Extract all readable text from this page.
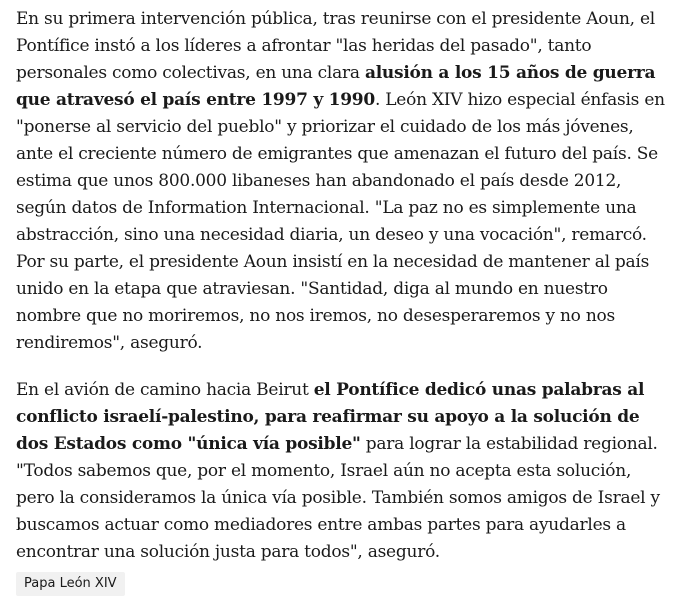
En su primera intervención pública, tras reunirse con el presidente Aoun, el Pontífice instó a los líderes a afrontar "las heridas del pasado", tanto personales como colectivas, en una clara alusión a los 15 años de guerra que atravesó el país entre 1997 y 1990. León XIV hizo especial énfasis en "ponerse al servicio del pueblo" y priorizar el cuidado de los más jóvenes, ante el creciente número de emigrantes que amenazan el futuro del país. Se estima que unos 800.000 libaneses han abandonado el país desde 2012, según datos de Information Internacional. "La paz no es simplemente una abstracción, sino una necesidad diaria, un deseo y una vocación", remarcó. Por su parte, el presidente Aoun insistí en la necesidad de mantener al país unido en la etapa que atraviesan. "Santidad, diga al mundo en nuestro nombre que no moriremos, no nos iremos, no desesperaremos y no nos rendiremos", aseguró.

En el avión de camino hacia Beirut el Pontífice dedicó unas palabras al conflicto israelí-palestino, para reafirmar su apoyo a la solución de dos Estados como "única vía posible" para lograr la estabilidad regional. "Todos sabemos que, por el momento, Israel aún no acepta esta solución, pero la consideramos la única vía posible. También somos amigos de Israel y buscamos actuar como mediadores entre ambas partes para ayudarles a encontrar una solución justa para todos", aseguró.

Papa León XIV
